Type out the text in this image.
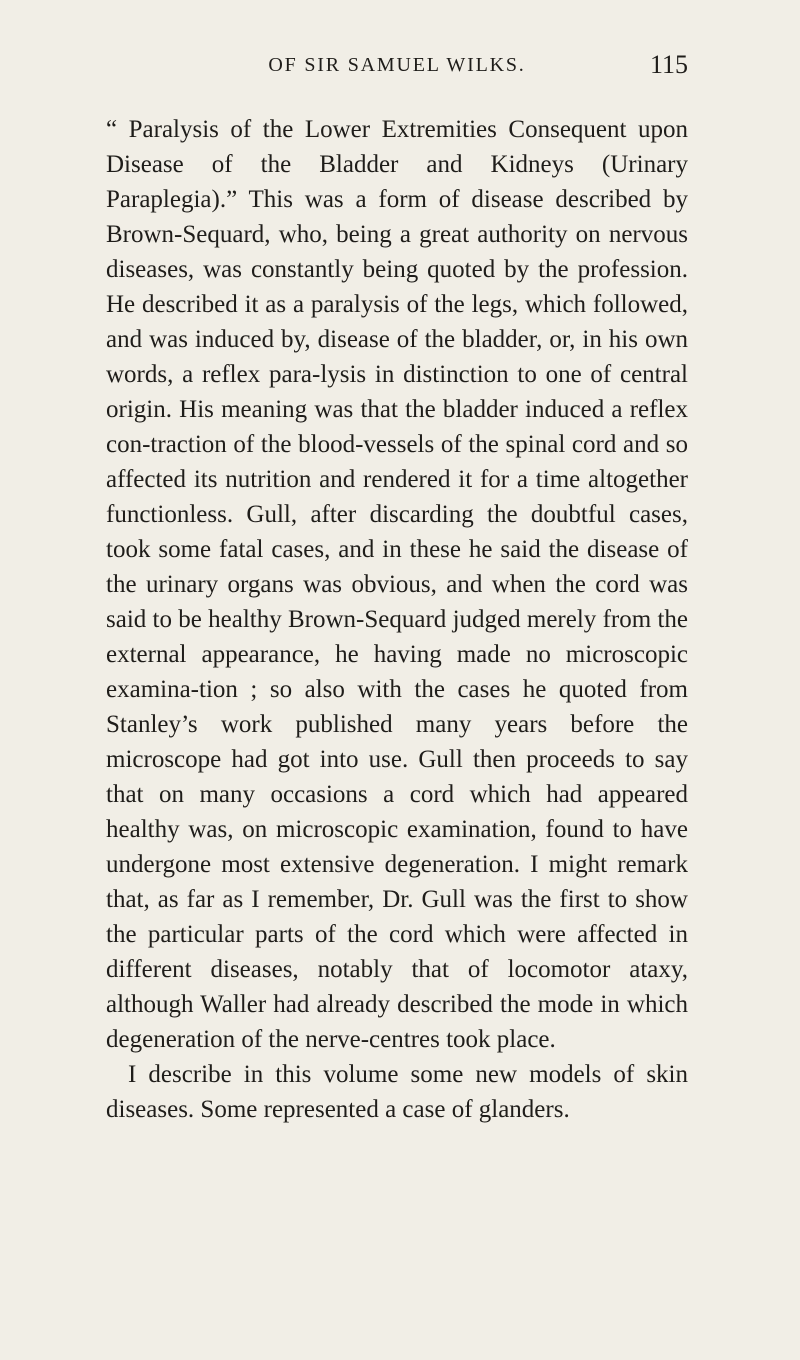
OF SIR SAMUEL WILKS.	115

“ Paralysis of the Lower Extremities Consequent upon Disease of the Bladder and Kidneys (Urinary Paraplegia).” This was a form of disease described by Brown-Sequard, who, being a great authority on nervous diseases, was constantly being quoted by the profession. He described it as a paralysis of the legs, which followed, and was induced by, disease of the bladder, or, in his own words, a reflex para-lysis in distinction to one of central origin. His meaning was that the bladder induced a reflex con-traction of the blood-vessels of the spinal cord and so affected its nutrition and rendered it for a time altogether functionless. Gull, after discarding the doubtful cases, took some fatal cases, and in these he said the disease of the urinary organs was obvious, and when the cord was said to be healthy Brown-Sequard judged merely from the external appearance, he having made no microscopic examina-tion ; so also with the cases he quoted from Stanley’s work published many years before the microscope had got into use. Gull then proceeds to say that on many occasions a cord which had appeared healthy was, on microscopic examination, found to have undergone most extensive degeneration. I might remark that, as far as I remember, Dr. Gull was the first to show the particular parts of the cord which were affected in different diseases, notably that of locomotor ataxy, although Waller had already described the mode in which degeneration of the nerve-centres took place.

I describe in this volume some new models of skin diseases. Some represented a case of glanders.
